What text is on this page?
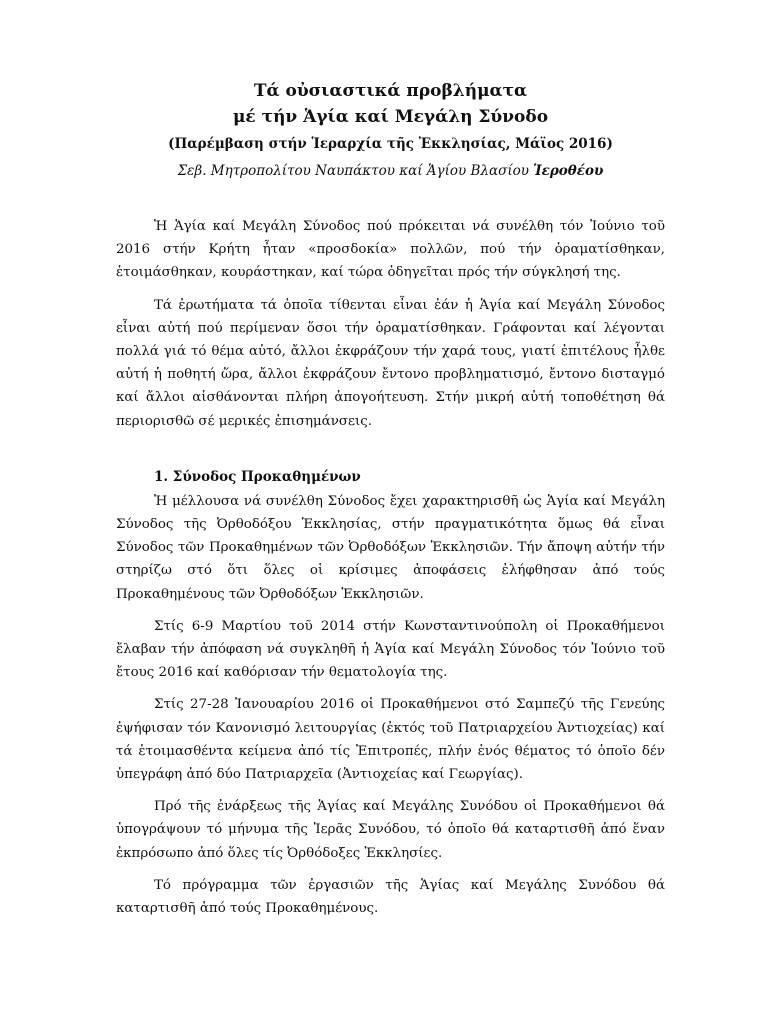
Τά οὐσιαστικά προβλήματα
μέ τήν Ἁγία καί Μεγάλη Σύνοδο
(Παρέμβαση στήν Ἱεραρχία τῆς Ἐκκλησίας, Μάϊος 2016)
Σεβ. Μητροπολίτου Ναυπάκτου καί Ἁγίου Βλασίου Ἱεροθέου

Ἡ Ἁγία καί Μεγάλη Σύνοδος πού πρόκειται νά συνέλθη τόν Ἰούνιο τοῦ 2016 στήν Κρήτη ἦταν «προσδοκία» πολλῶν, πού τήν ὁραματίσθηκαν, ἑτοιμάσθηκαν, κουράστηκαν, καί τώρα ὁδηγεῖται πρός τήν σύγκλησή της.

Τά ἐρωτήματα τά ὁποῖα τίθενται εἶναι ἐάν ἡ Ἁγία καί Μεγάλη Σύνοδος εἶναι αὐτή πού περίμεναν ὅσοι τήν ὁραματίσθηκαν. Γράφονται καί λέγονται πολλά γιά τό θέμα αὐτό, ἄλλοι ἐκφράζουν τήν χαρά τους, γιατί ἐπιτέλους ἦλθε αὐτή ἡ ποθητή ὥρα, ἄλλοι ἐκφράζουν ἔντονο προβληματισμό, ἔντονο δισταγμό καί ἄλλοι αἰσθάνονται πλήρη ἀπογοήτευση. Στήν μικρή αὐτή τοποθέτηση θά περιορισθῶ σέ μερικές ἐπισημάνσεις.

1. Σύνοδος Προκαθημένων

Ἡ μέλλουσα νά συνέλθη Σύνοδος ἔχει χαρακτηρισθῆ ὡς Ἁγία καί Μεγάλη Σύνοδος τῆς Ὀρθοδόξου Ἐκκλησίας, στήν πραγματικότητα ὅμως θά εἶναι Σύνοδος τῶν Προκαθημένων τῶν Ὀρθοδόξων Ἐκκλησιῶν. Τήν ἄποψη αὐτήν τήν στηρίζω στό ὅτι ὅλες οἱ κρίσιμες ἀποφάσεις ἐλήφθησαν ἀπό τούς Προκαθημένους τῶν Ὀρθοδόξων Ἐκκλησιῶν.

Στίς 6-9 Μαρτίου τοῦ 2014 στήν Κωνσταντινούπολη οἱ Προκαθήμενοι ἔλαβαν τήν ἀπόφαση νά συγκληθῆ ἡ Ἁγία καί Μεγάλη Σύνοδος τόν Ἰούνιο τοῦ ἔτους 2016 καί καθόρισαν τήν θεματολογία της.

Στίς 27-28 Ἰανουαρίου 2016 οἱ Προκαθήμενοι στό Σαμπεζύ τῆς Γενεύης ἐψήφισαν τόν Κανονισμό λειτουργίας (ἐκτός τοῦ Πατριαρχείου Ἀντιοχείας) καί τά ἑτοιμασθέντα κείμενα ἀπό τίς Ἐπιτροπές, πλήν ἑνός θέματος τό ὁποῖο δέν ὑπεγράφη ἀπό δύο Πατριαρχεῖα (Ἀντιοχείας καί Γεωργίας).

Πρό τῆς ἐνάρξεως τῆς Ἁγίας καί Μεγάλης Συνόδου οἱ Προκαθήμενοι θά ὑπογράψουν τό μήνυμα τῆς Ἱερᾶς Συνόδου, τό ὁποῖο θά καταρτισθῆ ἀπό ἕναν ἐκπρόσωπο ἀπό ὅλες τίς Ὀρθόδοξες Ἐκκλησίες.

Τό πρόγραμμα τῶν ἐργασιῶν τῆς Ἁγίας καί Μεγάλης Συνόδου θά καταρτισθῆ ἀπό τούς Προκαθημένους.
